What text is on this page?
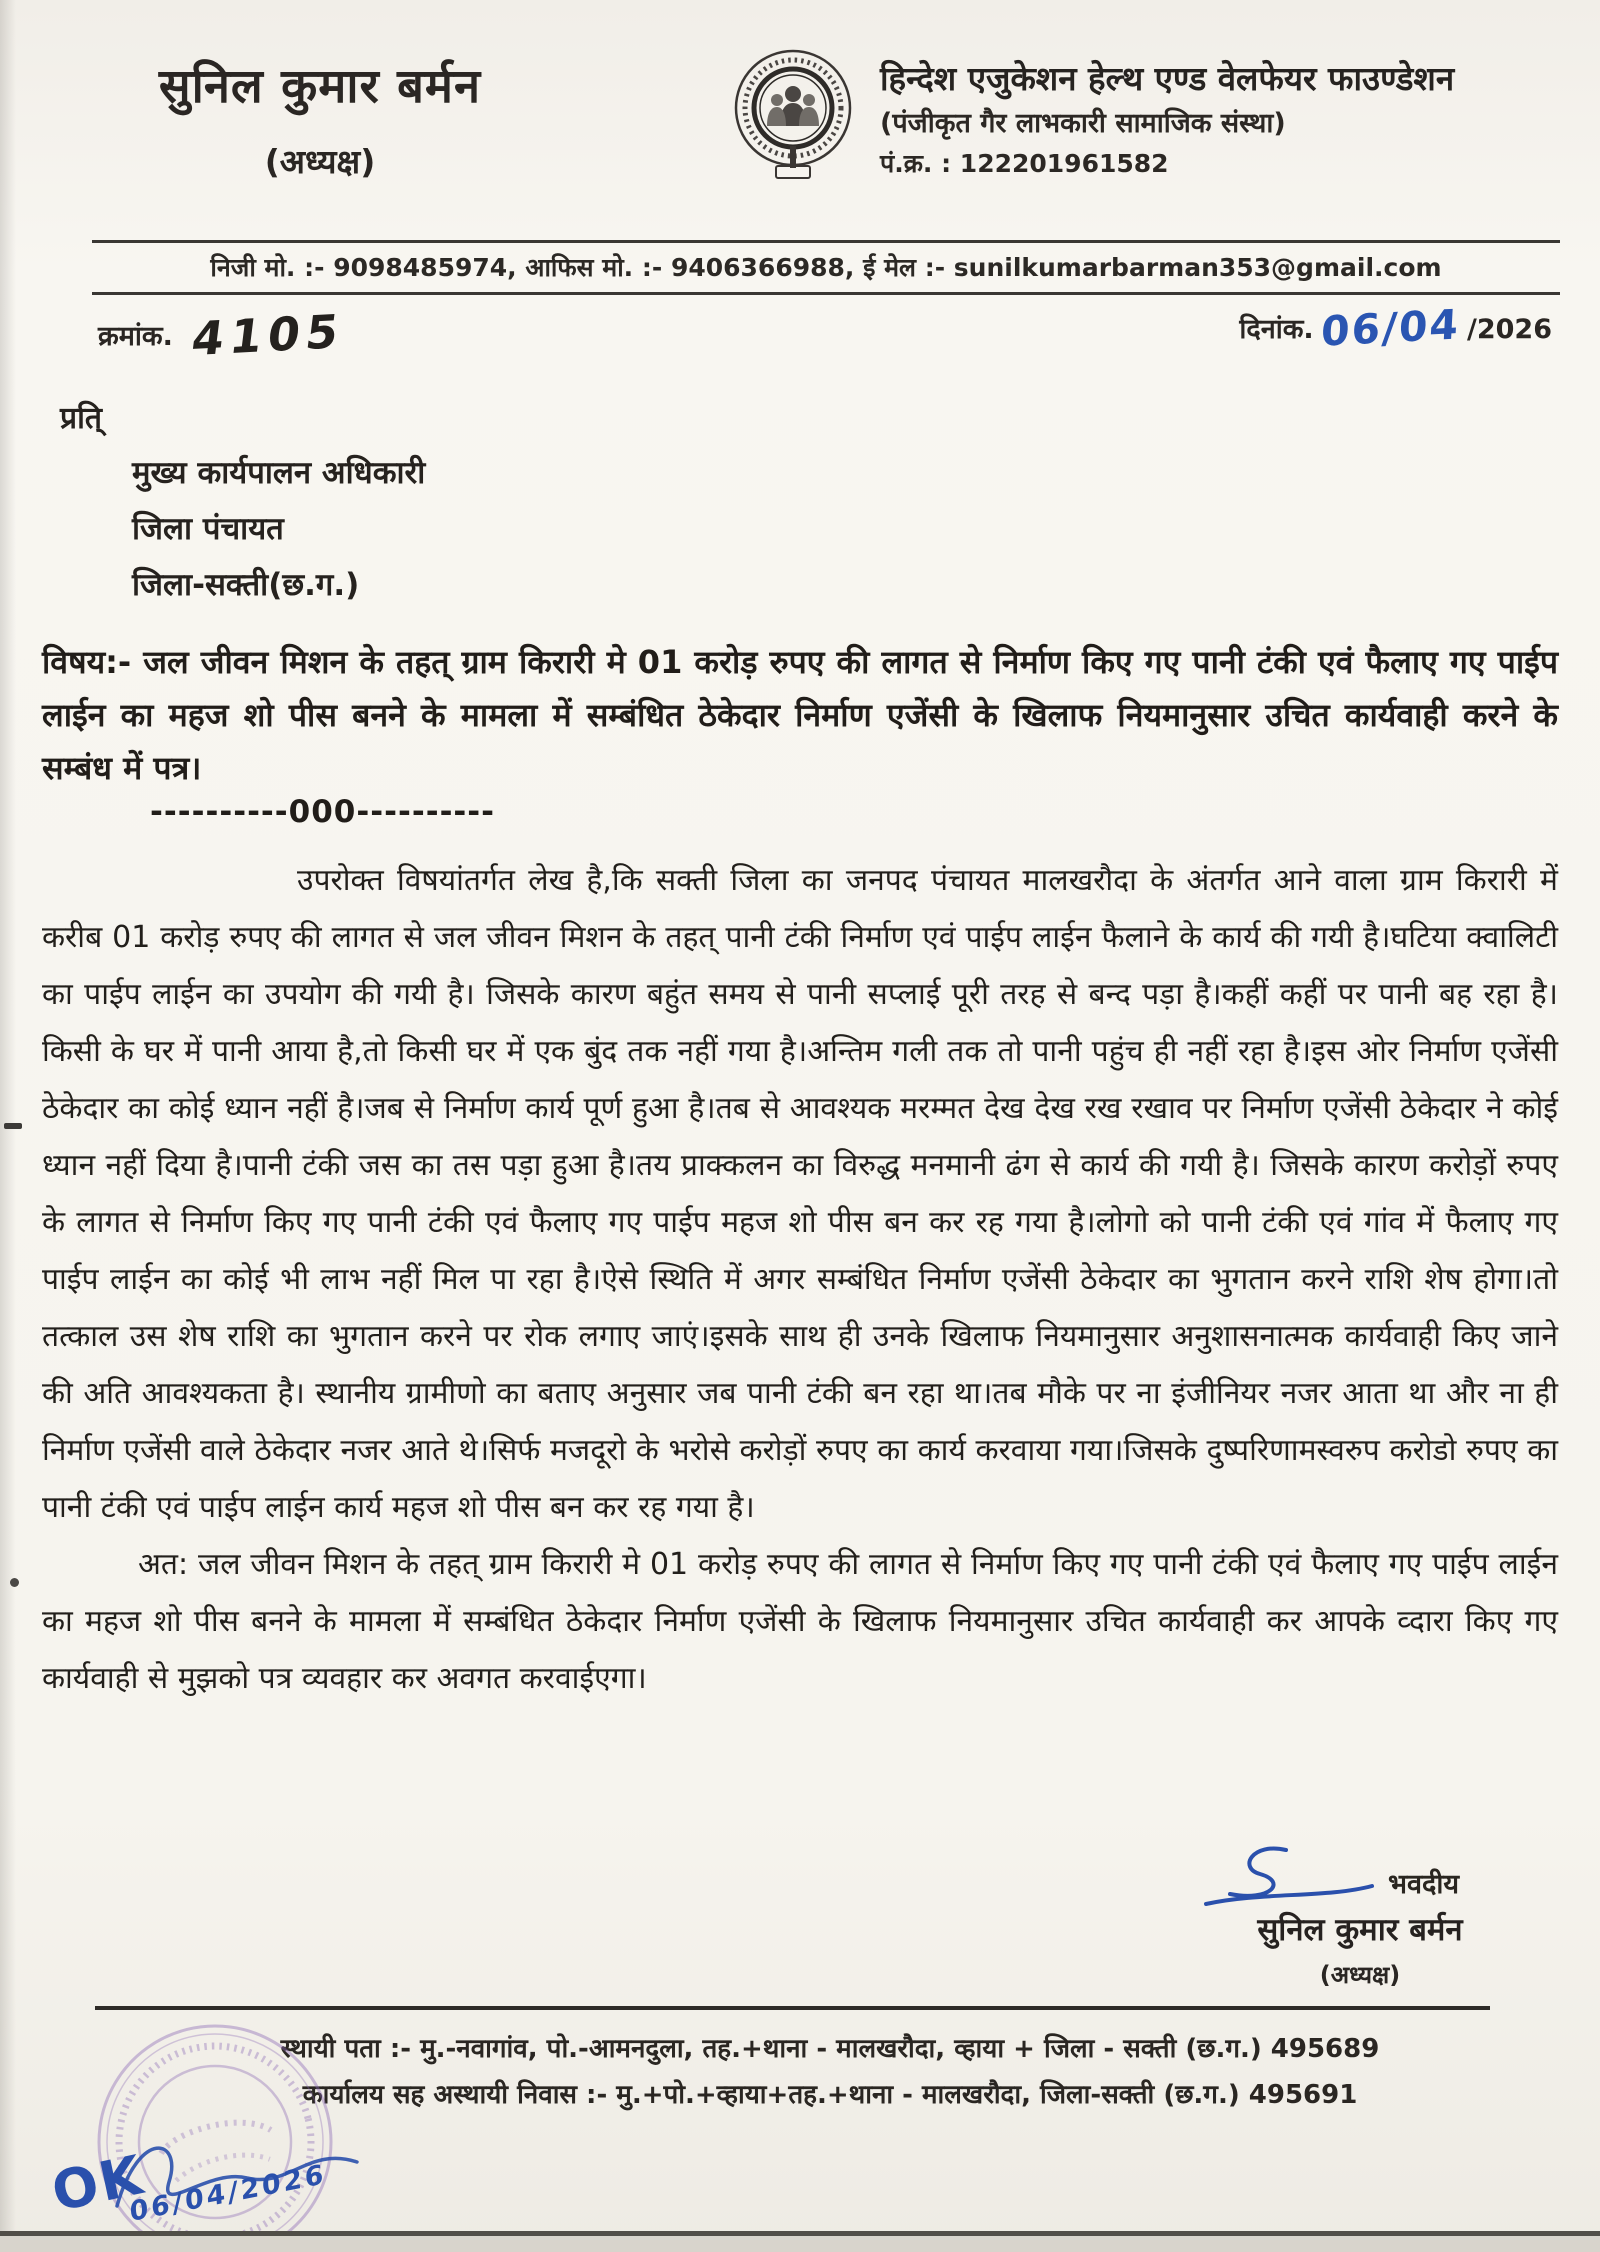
सुनिल कुमार बर्मन
(अध्यक्ष)
हिन्देश एजुकेशन हेल्थ एण्ड वेलफेयर फाउण्डेशन
(पंजीकृत गैर लाभकारी सामाजिक संस्था)
पं.क्र. : 122201961582
निजी मो. :- 9098485974, आफिस मो. :- 9406366988, ई मेल :- sunilkumarbarman353@gmail.com
क्रमांक. 4105	दिनांक. 06/04 /2026
प्रति्
मुख्य कार्यपालन अधिकारी
जिला पंचायत
जिला-सक्ती(छ.ग.)
विषय:- जल जीवन मिशन के तहत् ग्राम किरारी मे 01 करोड़ रुपए की लागत से निर्माण किए गए पानी टंकी एवं फैलाए गए पाईप लाईन का महज शो पीस बनने के मामला में सम्बंधित ठेकेदार निर्माण एजेंसी के खिलाफ नियमानुसार उचित कार्यवाही करने के सम्बंध में पत्र।
----------000----------

उपरोक्त विषयांतर्गत लेख है,कि सक्ती जिला का जनपद पंचायत मालखरौदा के अंतर्गत आने वाला ग्राम किरारी में करीब 01 करोड़ रुपए की लागत से जल जीवन मिशन के तहत् पानी टंकी निर्माण एवं पाईप लाईन फैलाने के कार्य की गयी है।घटिया क्वालिटी का पाईप लाईन का उपयोग की गयी है। जिसके कारण बहुंत समय से पानी सप्लाई पूरी तरह से बन्द पड़ा है।कहीं कहीं पर पानी बह रहा है।किसी के घर में पानी आया है,तो किसी घर में एक बुंद तक नहीं गया है।अन्तिम गली तक तो पानी पहुंच ही नहीं रहा है।इस ओर निर्माण एजेंसी ठेकेदार का कोई ध्यान नहीं है।जब से निर्माण कार्य पूर्ण हुआ है।तब से आवश्यक मरम्मत देख देख रख रखाव पर निर्माण एजेंसी ठेकेदार ने कोई ध्यान नहीं दिया है।पानी टंकी जस का तस पड़ा हुआ है।तय प्राक्कलन का विरुद्ध मनमानी ढंग से कार्य की गयी है। जिसके कारण करोड़ों रुपए के लागत से निर्माण किए गए पानी टंकी एवं फैलाए गए पाईप महज शो पीस बन कर रह गया है।लोगो को पानी टंकी एवं गांव में फैलाए गए पाईप लाईन का कोई भी लाभ नहीं मिल पा रहा है।ऐसे स्थिति में अगर सम्बंधित निर्माण एजेंसी ठेकेदार का भुगतान करने राशि शेष होगा।तो तत्काल उस शेष राशि का भुगतान करने पर रोक लगाए जाएं।इसके साथ ही उनके खिलाफ नियमानुसार अनुशासनात्मक कार्यवाही किए जाने की अति आवश्यकता है। स्थानीय ग्रामीणो का बताए अनुसार जब पानी टंकी बन रहा था।तब मौके पर ना इंजीनियर नजर आता था और ना ही निर्माण एजेंसी वाले ठेकेदार नजर आते थे।सिर्फ मजदूरो के भरोसे करोड़ों रुपए का कार्य करवाया गया।जिसके दुष्परिणामस्वरुप करोडो रुपए का पानी टंकी एवं पाईप लाईन कार्य महज शो पीस बन कर रह गया है।

अत: जल जीवन मिशन के तहत् ग्राम किरारी मे 01 करोड़ रुपए की लागत से निर्माण किए गए पानी टंकी एवं फैलाए गए पाईप लाईन का महज शो पीस बनने के मामला में सम्बंधित ठेकेदार निर्माण एजेंसी के खिलाफ नियमानुसार उचित कार्यवाही कर आपके व्दारा किए गए कार्यवाही से मुझको पत्र व्यवहार कर अवगत करवाईएगा।

भवदीय
सुनिल कुमार बर्मन
(अध्यक्ष)
स्थायी पता :- मु.-नवागांव, पो.-आमनदुला, तह.+थाना - मालखरौदा, व्हाया + जिला - सक्ती (छ.ग.) 495689
कार्यालय सह अस्थायी निवास :- मु.+पो.+व्हाया+तह.+थाना - मालखरौदा, जिला-सक्ती (छ.ग.) 495691
OK
06/04/2026
